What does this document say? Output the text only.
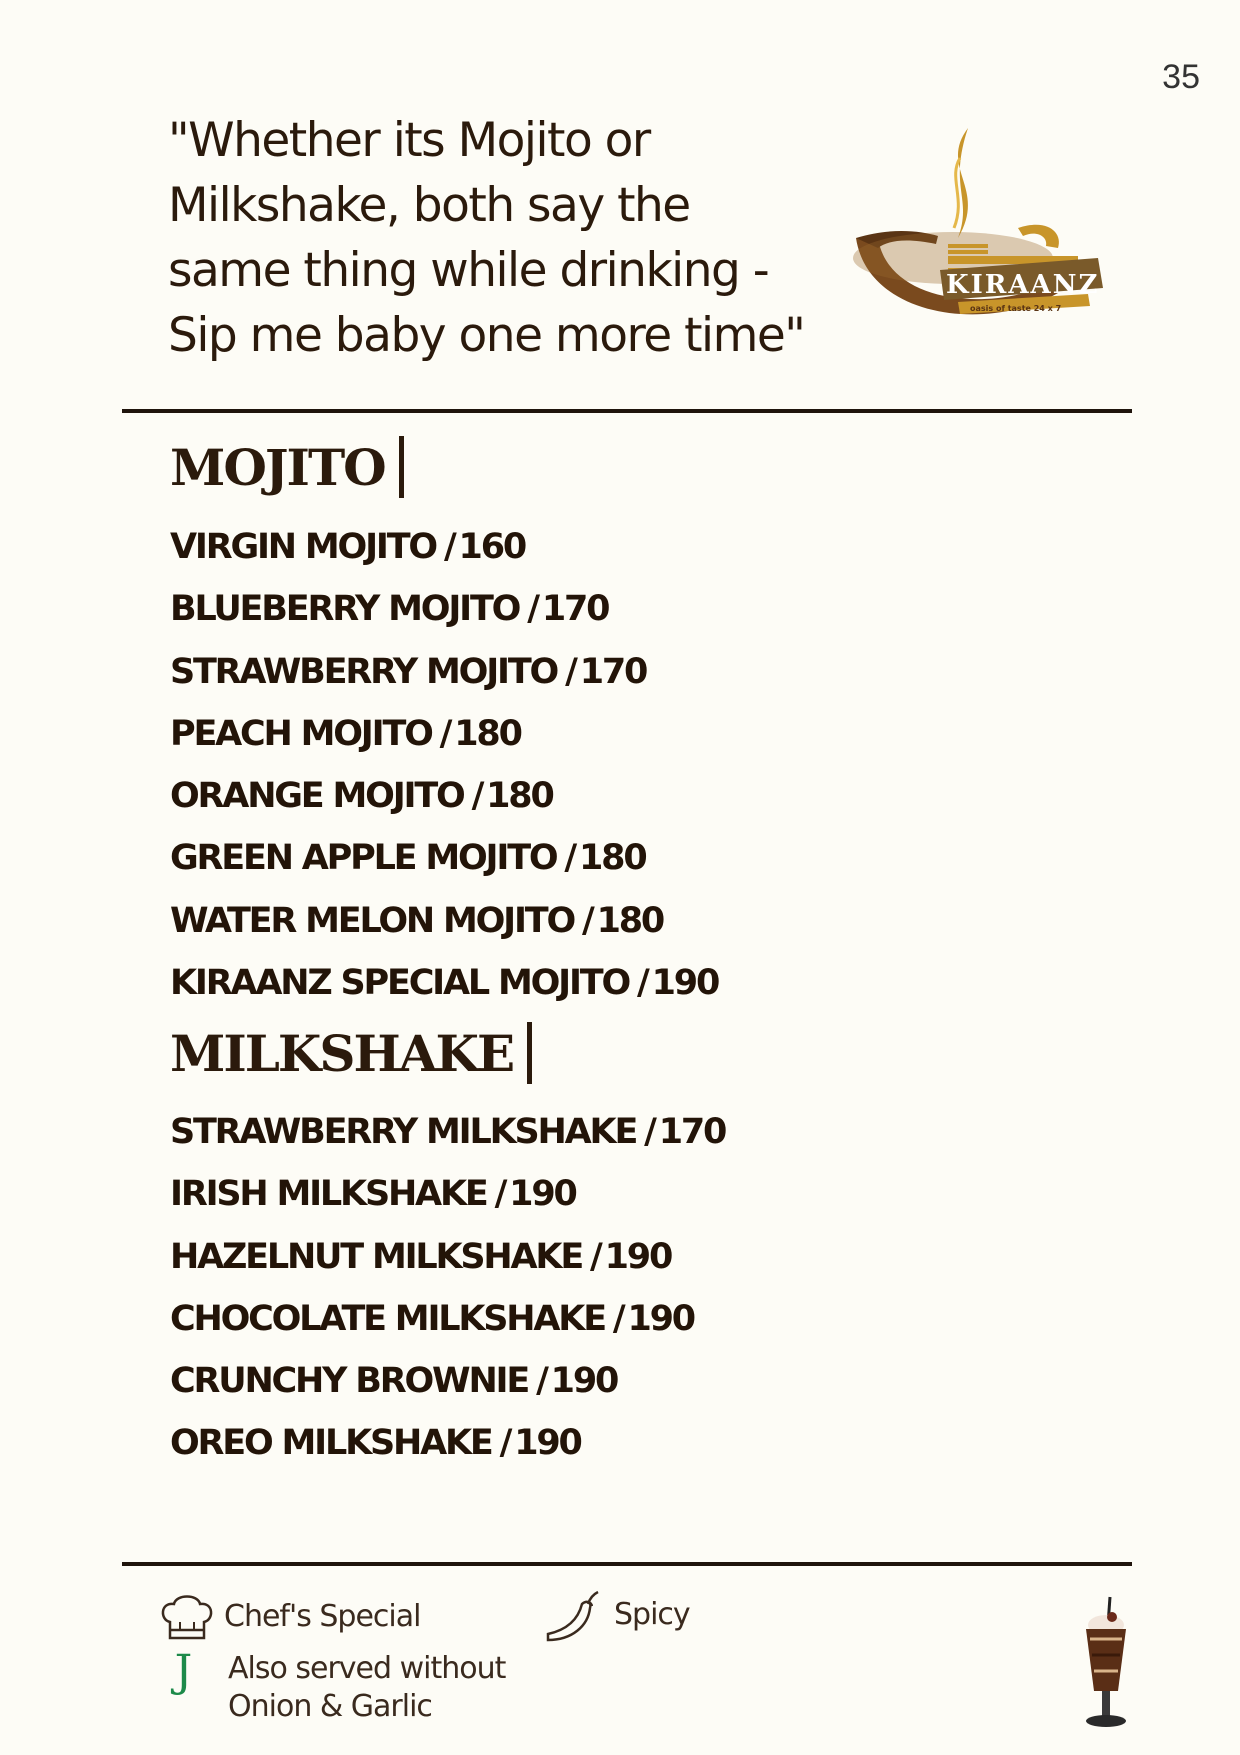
35
"Whether its Mojito or
Milkshake, both say the
same thing while drinking -
Sip me baby one more time"
KIRAANZ
oasis of taste 24 x 7
MOJITO
VIRGIN MOJITO / 160
BLUEBERRY MOJITO / 170
STRAWBERRY MOJITO / 170
PEACH MOJITO / 180
ORANGE MOJITO / 180
GREEN APPLE MOJITO / 180
WATER MELON MOJITO / 180
KIRAANZ SPECIAL MOJITO / 190
MILKSHAKE
STRAWBERRY MILKSHAKE / 170
IRISH MILKSHAKE / 190
HAZELNUT MILKSHAKE / 190
CHOCOLATE MILKSHAKE / 190
CRUNCHY BROWNIE / 190
OREO MILKSHAKE / 190
Chef's Special	Spicy
J Also served without
Onion & Garlic
